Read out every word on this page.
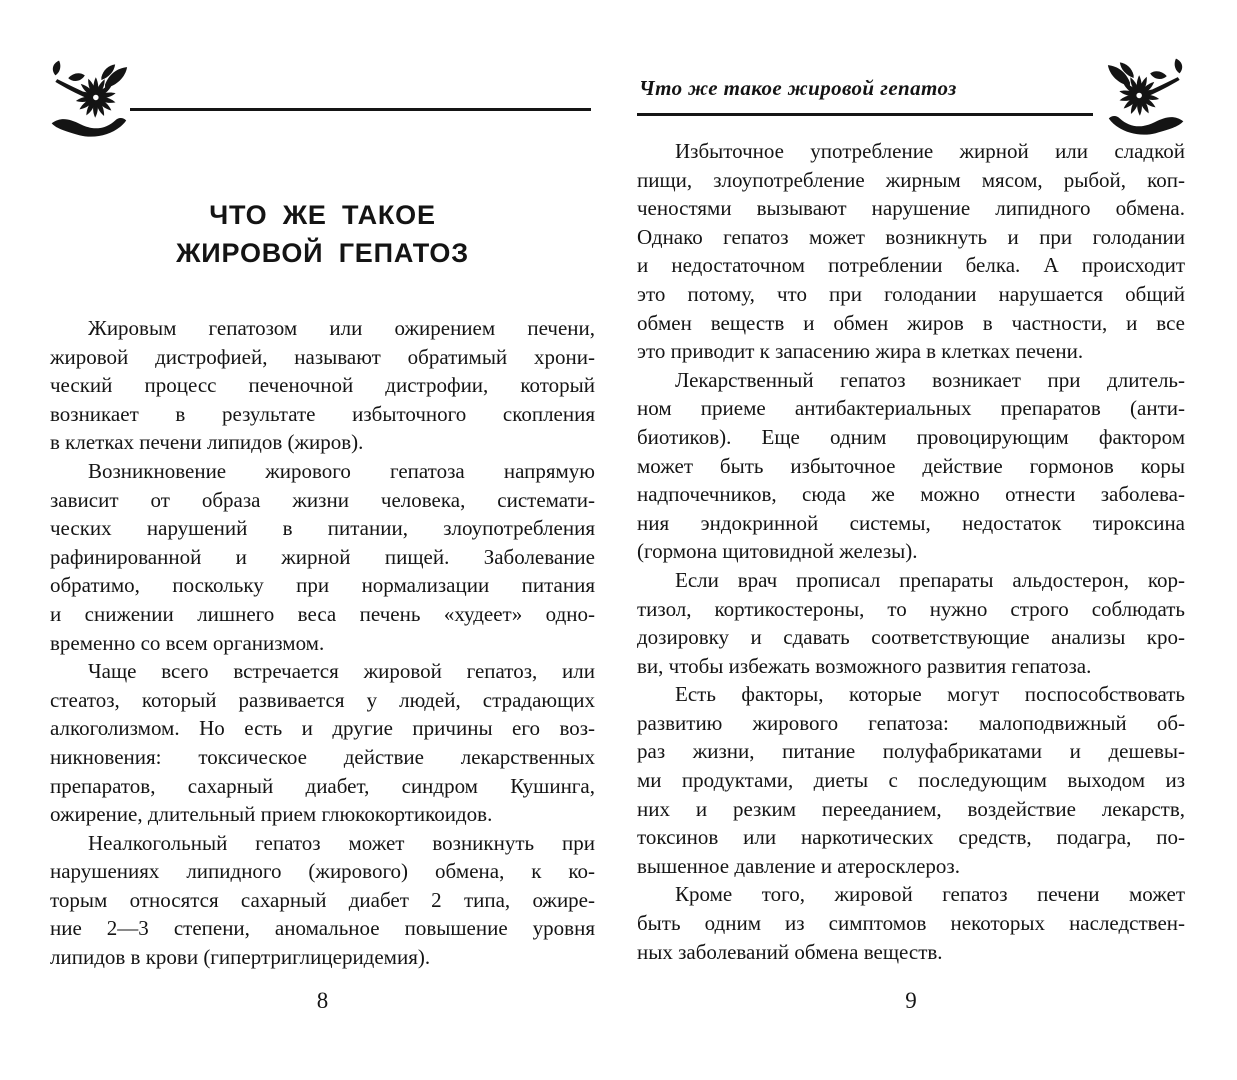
ЧТО ЖЕ ТАКОЕ
ЖИРОВОЙ ГЕПАТОЗ
Жировым гепатозом или ожирением печени,
жировой дистрофией, называют обратимый хрони-
ческий процесс печеночной дистрофии, который
возникает в результате избыточного скопления
в клетках печени липидов (жиров).
Возникновение жирового гепатоза напрямую
зависит от образа жизни человека, системати-
ческих нарушений в питании, злоупотребления
рафинированной и жирной пищей. Заболевание
обратимо, поскольку при нормализации питания
и снижении лишнего веса печень «худеет» одно-
временно со всем организмом.
Чаще всего встречается жировой гепатоз, или
стеатоз, который развивается у людей, страдающих
алкоголизмом. Но есть и другие причины его воз-
никновения: токсическое действие лекарственных
препаратов, сахарный диабет, синдром Кушинга,
ожирение, длительный прием глюкокортикоидов.
Неалкогольный гепатоз может возникнуть при
нарушениях липидного (жирового) обмена, к ко-
торым относятся сахарный диабет 2 типа, ожире-
ние 2—3 степени, аномальное повышение уровня
липидов в крови (гипертриглицеридемия).
8
Что же такое жировой гепатоз
Избыточное употребление жирной или сладкой
пищи, злоупотребление жирным мясом, рыбой, коп-
ченостями вызывают нарушение липидного обмена.
Однако гепатоз может возникнуть и при голодании
и недостаточном потреблении белка. А происходит
это потому, что при голодании нарушается общий
обмен веществ и обмен жиров в частности, и все
это приводит к запасению жира в клетках печени.
Лекарственный гепатоз возникает при длитель-
ном приеме антибактериальных препаратов (анти-
биотиков). Еще одним провоцирующим фактором
может быть избыточное действие гормонов коры
надпочечников, сюда же можно отнести заболева-
ния эндокринной системы, недостаток тироксина
(гормона щитовидной железы).
Если врач прописал препараты альдостерон, кор-
тизол, кортикостероны, то нужно строго соблюдать
дозировку и сдавать соответствующие анализы кро-
ви, чтобы избежать возможного развития гепатоза.
Есть факторы, которые могут поспособствовать
развитию жирового гепатоза: малоподвижный об-
раз жизни, питание полуфабрикатами и дешевы-
ми продуктами, диеты с последующим выходом из
них и резким перееданием, воздействие лекарств,
токсинов или наркотических средств, подагра, по-
вышенное давление и атеросклероз.
Кроме того, жировой гепатоз печени может
быть одним из симптомов некоторых наследствен-
ных заболеваний обмена веществ.
9
